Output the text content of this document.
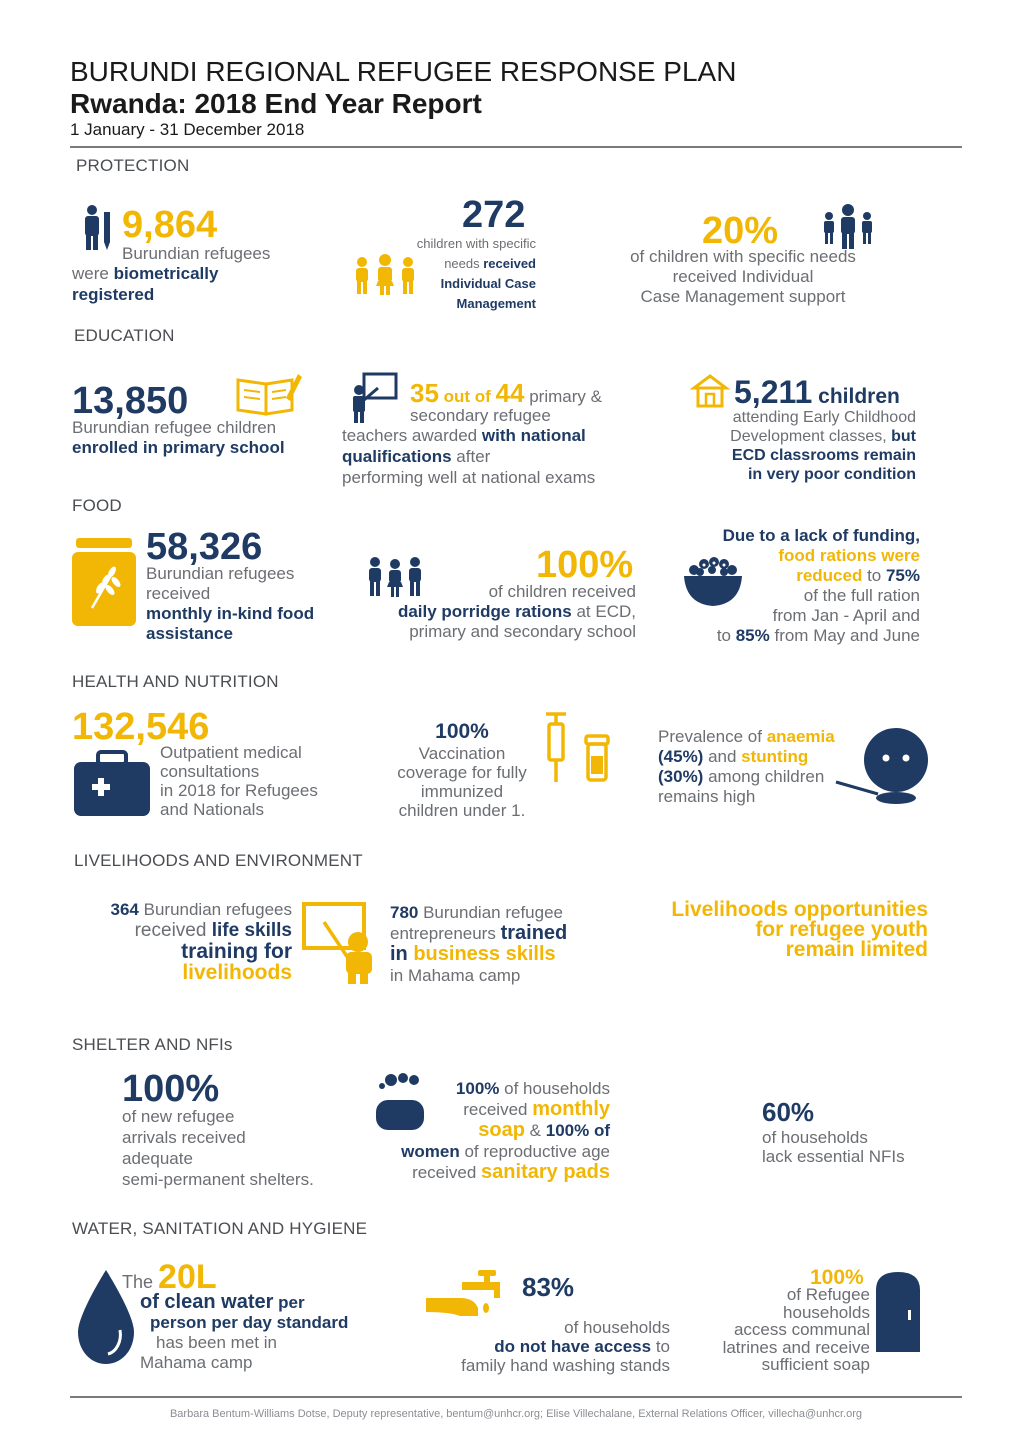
BURUNDI REGIONAL REFUGEE RESPONSE PLAN
Rwanda: 2018 End Year Report
1 January - 31 December 2018
PROTECTION
9,864
Burundian refugees
were biometrically
registered
272
children with specific
needs received
Individual Case
Management
20%
of children with specific needs
received Individual
Case Management support
EDUCATION
13,850
Burundian refugee children
enrolled in primary school
35 out of 44 primary &
secondary refugee
teachers awarded with national
qualifications after
performing well at national exams
5,211 children
attending Early Childhood
Development classes, but
ECD classrooms remain
in very poor condition
FOOD
58,326
Burundian refugees
received
monthly in-kind food
assistance
100%
of children received
daily porridge rations at ECD,
primary and secondary school
Due to a lack of funding,
food rations were
reduced to 75%
of the full ration
from Jan - April and
to 85% from May and June
HEALTH AND NUTRITION
132,546
Outpatient medical
consultations
in 2018 for Refugees
and Nationals
100%
Vaccination
coverage for fully
immunized
children under 1.
Prevalence of anaemia
(45%) and stunting
(30%) among children
remains high
LIVELIHOODS AND ENVIRONMENT
364 Burundian refugees
received life skills
training for
livelihoods
780 Burundian refugee
entrepreneurs trained
in business skills
in Mahama camp
Livelihoods opportunities
for refugee youth
remain limited
SHELTER AND NFIs
100%
of new refugee
arrivals received
adequate
semi-permanent shelters.
100% of households
received monthly
soap & 100% of
women of reproductive age
received sanitary pads
60%
of households
lack essential NFIs
WATER, SANITATION AND HYGIENE
The 20L
of clean water per
person per day standard
has been met in
Mahama camp
83%
of households
do not have access to
family hand washing stands
100%
of Refugee
households
access communal
latrines and receive
sufficient soap
Barbara Bentum-Williams Dotse, Deputy representative, bentum@unhcr.org; Elise Villechalane, External Relations Officer, villecha@unhcr.org
